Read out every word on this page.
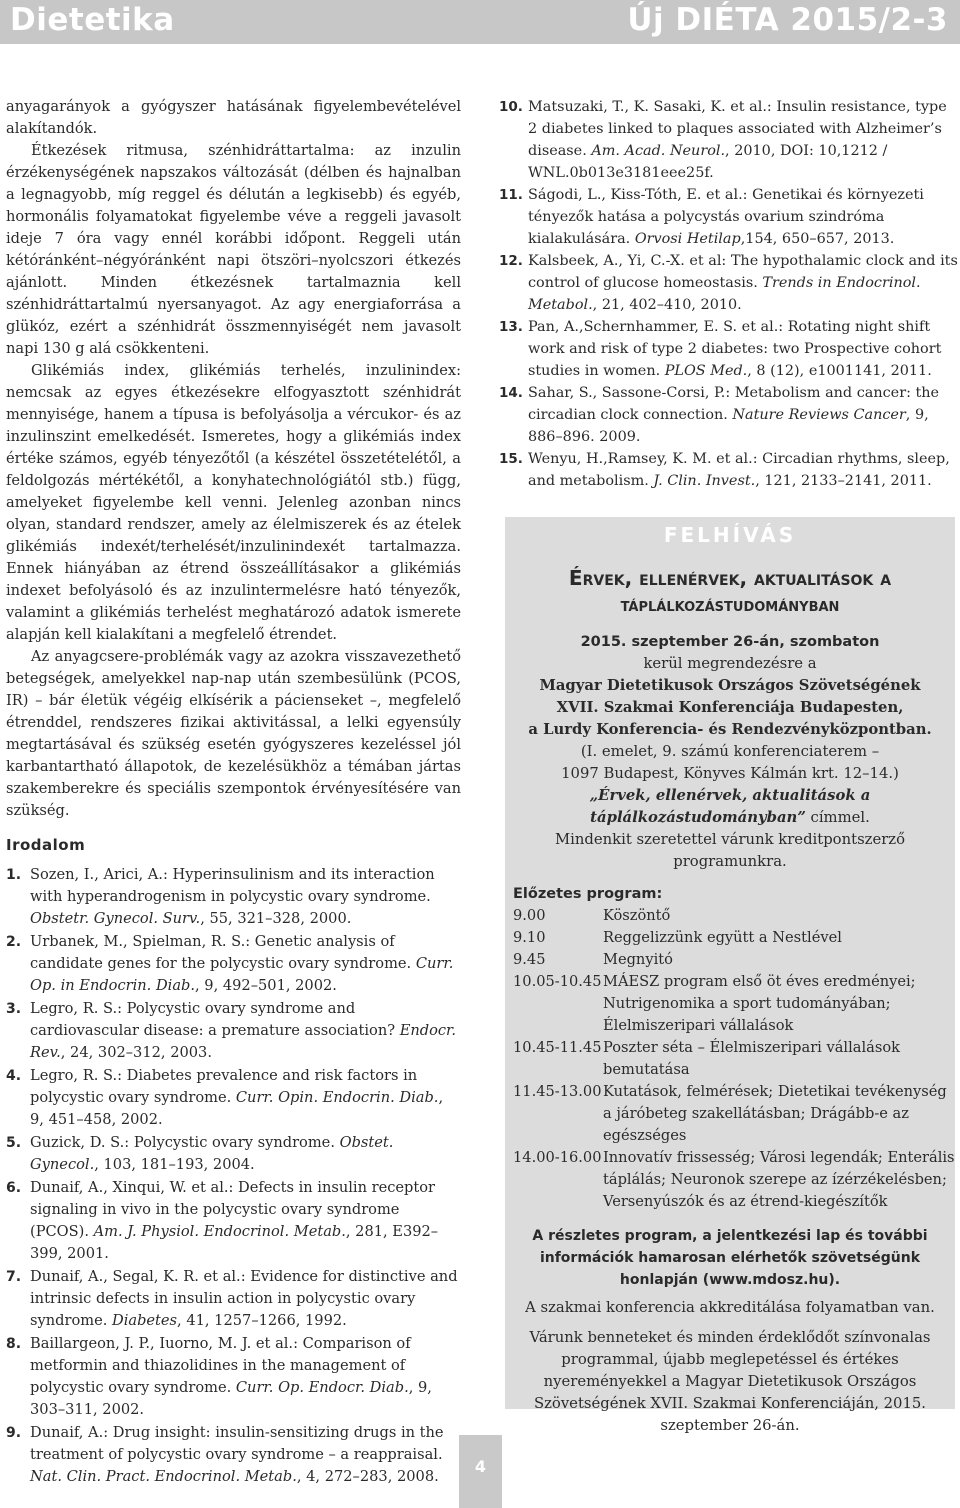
Dietetika	Új DIÉTA 2015/2-3

anyagarányok a gyógyszer hatásának figyelembevételével alakítandók.

Étkezések ritmusa, szénhidráttartalma: az inzulin érzékenységének napszakos változását (délben és hajnalban a legnagyobb, míg reggel és délután a legkisebb) és egyéb, hormonális folyamatokat figyelembe véve a reggeli javasolt ideje 7 óra vagy ennél korábbi időpont. Reggeli után kétóránként–négyóránként napi ötszöri–nyolcszori étkezés ajánlott. Minden étkezésnek tartalmaznia kell szénhidráttartalmú nyersanyagot. Az agy energiaforrása a glükóz, ezért a szénhidrát összmennyiségét nem javasolt napi 130 g alá csökkenteni.

Glikémiás index, glikémiás terhelés, inzulinindex: nemcsak az egyes étkezésekre elfogyasztott szénhidrát mennyisége, hanem a típusa is befolyásolja a vércukor- és az inzulinszint emelkedését. Ismeretes, hogy a glikémiás index értéke számos, egyéb tényezőtől (a készétel összetételétől, a feldolgozás mértékétől, a konyhatechnológiától stb.) függ, amelyeket figyelembe kell venni. Jelenleg azonban nincs olyan, standard rendszer, amely az élelmiszerek és az ételek glikémiás indexét/terhelését/inzulinindexét tartalmazza. Ennek hiányában az étrend összeállításakor a glikémiás indexet befolyásoló és az inzulintermelésre ható tényezők, valamint a glikémiás terhelést meghatározó adatok ismerete alapján kell kialakítani a megfelelő étrendet.

Az anyagcsere-problémák vagy az azokra visszavezethető betegségek, amelyekkel nap-nap után szembesülünk (PCOS, IR) – bár életük végéig elkísérik a pácienseket –, megfelelő étrenddel, rendszeres fizikai aktivitással, a lelki egyensúly megtartásával és szükség esetén gyógyszeres kezeléssel jól karbantartható állapotok, de kezelésükhöz a témában jártas szakemberekre és speciális szempontok érvényesítésére van szükség.

Irodalom
1. Sozen, I., Arici, A.: Hyperinsulinism and its interaction with hyperandrogenism in polycystic ovary syndrome. Obstetr. Gynecol. Surv., 55, 321–328, 2000.
2. Urbanek, M., Spielman, R. S.: Genetic analysis of candidate genes for the polycystic ovary syndrome. Curr. Op. in Endocrin. Diab., 9, 492–501, 2002.
3. Legro, R. S.: Polycystic ovary syndrome and cardiovascular disease: a premature association? Endocr. Rev., 24, 302–312, 2003.
4. Legro, R. S.: Diabetes prevalence and risk factors in polycystic ovary syndrome. Curr. Opin. Endocrin. Diab., 9, 451–458, 2002.
5. Guzick, D. S.: Polycystic ovary syndrome. Obstet. Gynecol., 103, 181–193, 2004.
6. Dunaif, A., Xinqui, W. et al.: Defects in insulin receptor signaling in vivo in the polycystic ovary syndrome (PCOS). Am. J. Physiol. Endocrinol. Metab., 281, E392–399, 2001.
7. Dunaif, A., Segal, K. R. et al.: Evidence for distinctive and intrinsic defects in insulin action in polycystic ovary syndrome. Diabetes, 41, 1257–1266, 1992.
8. Baillargeon, J. P., Iuorno, M. J. et al.: Comparison of metformin and thiazolidines in the management of polycystic ovary syndrome. Curr. Op. Endocr. Diab., 9, 303–311, 2002.
9. Dunaif, A.: Drug insight: insulin-sensitizing drugs in the treatment of polycystic ovary syndrome – a reappraisal. Nat. Clin. Pract. Endocrinol. Metab., 4, 272–283, 2008.
10. Matsuzaki, T., K. Sasaki, K. et al.: Insulin resistance, type 2 diabetes linked to plaques associated with Alzheimer’s disease. Am. Acad. Neurol., 2010, DOI: 10,1212 / WNL.0b013e3181eee25f.
11. Ságodi, L., Kiss-Tóth, E. et al.: Genetikai és környezeti tényezők hatása a polycystás ovarium szindróma kialakulására. Orvosi Hetilap,154, 650–657, 2013.
12. Kalsbeek, A., Yi, C.-X. et al: The hypothalamic clock and its control of glucose homeostasis. Trends in Endocrinol. Metabol., 21, 402–410, 2010.
13. Pan, A.,Schernhammer, E. S. et al.: Rotating night shift work and risk of type 2 diabetes: two Prospective cohort studies in women. PLOS Med., 8 (12), e1001141, 2011.
14. Sahar, S., Sassone-Corsi, P.: Metabolism and cancer: the circadian clock connection. Nature Reviews Cancer, 9, 886–896. 2009.
15. Wenyu, H.,Ramsey, K. M. et al.: Circadian rhythms, sleep, and metabolism. J. Clin. Invest., 121, 2133–2141, 2011.
FELHÍVÁS
Érvek, ellenérvek, aktualitások a
táplálkozástudományban
2015. szeptember 26-án, szombaton
kerül megrendezésre a
Magyar Dietetikusok Országos Szövetségének
XVII. Szakmai Konferenciája Budapesten,
a Lurdy Konferencia- és Rendezvényközpontban.
(I. emelet, 9. számú konferenciaterem –
1097 Budapest, Könyves Kálmán krt. 12–14.)
„Érvek, ellenérvek, aktualitások a táplálkozástudományban” címmel.
Mindenkit szeretettel várunk kreditpontszerző programunkra.
Előzetes program:
9.00	Köszöntő
9.10	Reggelizzünk együtt a Nestlével
9.45	Megnyitó
10.05-10.45 MÁESZ program első öt éves eredményei; Nutrigenomika a sport tudományában; Élelmiszeripari vállalások
10.45-11.45 Poszter séta – Élelmiszeripari vállalások bemutatása
11.45-13.00 Kutatások, felmérések; Dietetikai tevékenység a járóbeteg szakellátásban; Drágább-e az egészséges
14.00-16.00 Innovatív frissesség; Városi legendák; Enterális táplálás; Neuronok szerepe az ízérzékelésben; Versenyúszók és az étrend-kiegészítők
A részletes program, a jelentkezési lap és további információk hamarosan elérhetők szövetségünk honlapján (www.mdosz.hu).
A szakmai konferencia akkreditálása folyamatban van.
Várunk benneteket és minden érdeklődőt színvonalas programmal, újabb meglepetéssel és értékes nyereményekkel a Magyar Dietetikusok Országos Szövetségének XVII. Szakmai Konferenciáján, 2015. szeptember 26-án.
4
